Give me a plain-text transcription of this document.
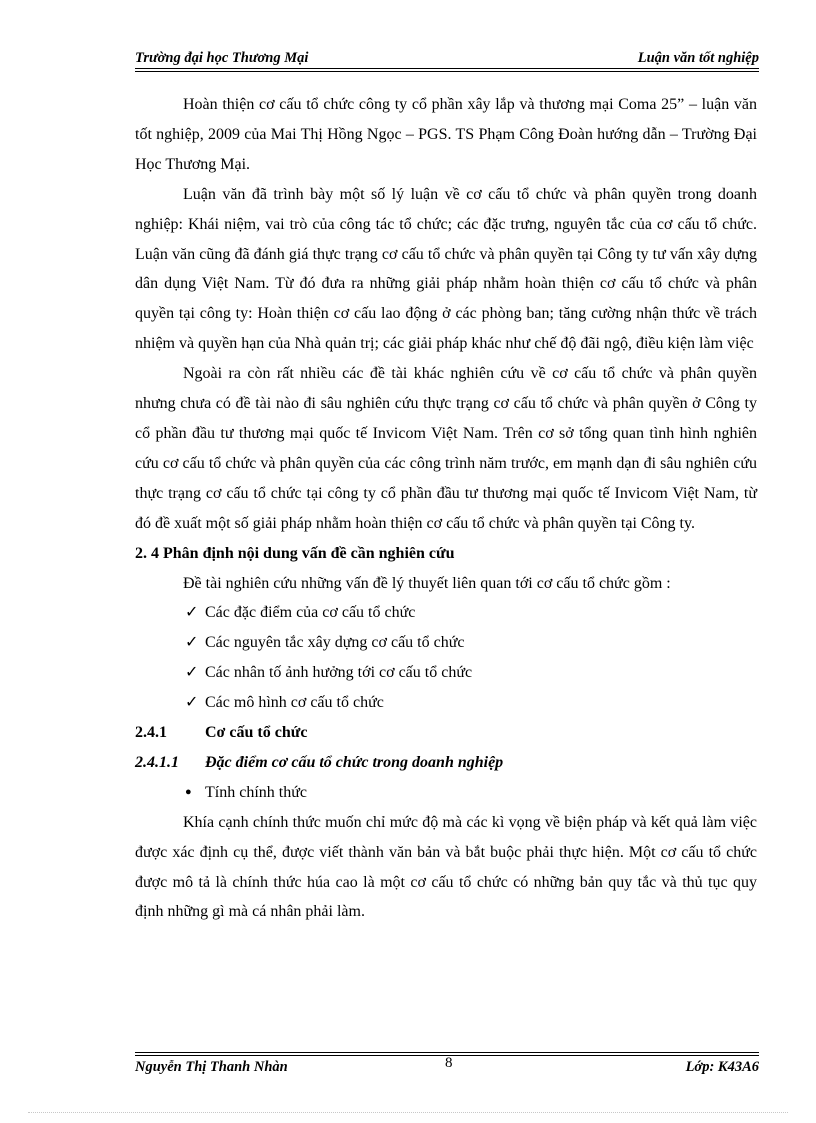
Trường đại học Thương Mại	Luận văn tốt nghiệp

Hoàn thiện cơ cấu tổ chức công ty cổ phần xây lắp và thương mại Coma 25” – luận văn tốt nghiệp, 2009 của Mai Thị Hồng Ngọc – PGS. TS Phạm Công Đoàn hướng dẫn – Trường Đại Học Thương Mại.

Luận văn đã trình bày một số lý luận về cơ cấu tổ chức và phân quyền trong doanh nghiệp: Khái niệm, vai trò của công tác tổ chức; các đặc trưng, nguyên tắc của cơ cấu tổ chức. Luận văn cũng đã đánh giá thực trạng cơ cấu tổ chức và phân quyền tại Công ty tư vấn xây dựng dân dụng Việt Nam. Từ đó đưa ra những giải pháp nhằm hoàn thiện cơ cấu tổ chức và phân quyền tại công ty: Hoàn thiện cơ cấu lao động ở các phòng ban; tăng cường nhận thức về trách nhiệm và quyền hạn của Nhà quản trị; các giải pháp khác như chế độ đãi ngộ, điều kiện làm việc

Ngoài ra còn rất nhiều các đề tài khác nghiên cứu về cơ cấu tổ chức và phân quyền nhưng chưa có đề tài nào đi sâu nghiên cứu thực trạng cơ cấu tổ chức và phân quyền ở Công ty cổ phần đầu tư thương mại quốc tế Invicom Việt Nam. Trên cơ sở tổng quan tình hình nghiên cứu cơ cấu tổ chức và phân quyền của các công trình năm trước, em mạnh dạn đi sâu nghiên cứu thực trạng cơ cấu tổ chức tại công ty cổ phần đầu tư thương mại quốc tế Invicom Việt Nam, từ đó đề xuất một số giải pháp nhằm hoàn thiện cơ cấu tổ chức và phân quyền tại Công ty.

2. 4 Phân định nội dung vấn đề cần nghiên cứu

Đề tài nghiên cứu những vấn đề lý thuyết liên quan tới cơ cấu tổ chức gồm :

✓ Các đặc điểm của cơ cấu tổ chức

✓ Các nguyên tắc xây dựng cơ cấu tổ chức

✓ Các nhân tố ảnh hưởng tới cơ cấu tổ chức

✓ Các mô hình cơ cấu tổ chức

2.4.1 Cơ cấu tổ chức

2.4.1.1 Đặc điểm cơ cấu tổ chức trong doanh nghiệp

● Tính chính thức

Khía cạnh chính thức muốn chỉ mức độ mà các kì vọng về biện pháp và kết quả làm việc được xác định cụ thể, được viết thành văn bản và bắt buộc phải thực hiện. Một cơ cấu tổ chức được mô tả là chính thức húa cao là một cơ cấu tổ chức có những bản quy tắc và thủ tục quy định những gì mà cá nhân phải làm.

Nguyễn Thị Thanh Nhàn	8	Lớp: K43A6
